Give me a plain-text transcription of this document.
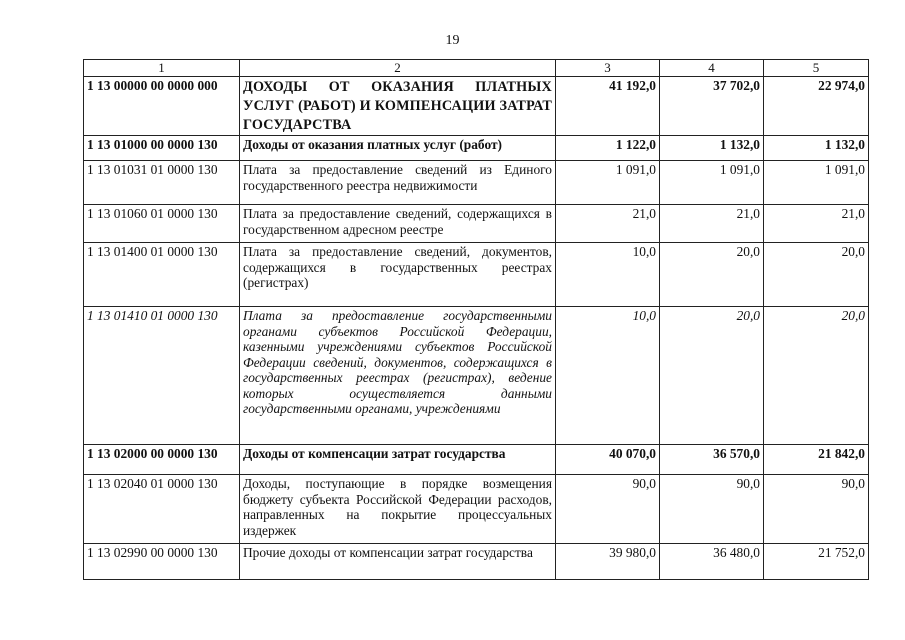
19
1	2	3	4	5
1 13 00000 00 0000 000	ДОХОДЫ ОТ ОКАЗАНИЯ ПЛАТНЫХ УСЛУГ (РАБОТ) И КОМПЕНСАЦИИ ЗАТРАТ ГОСУДАРСТВА	41 192,0	37 702,0	22 974,0
1 13 01000 00 0000 130	Доходы от оказания платных услуг (работ)	1 122,0	1 132,0	1 132,0
1 13 01031 01 0000 130	Плата за предоставление сведений из Единого государственного реестра недвижимости	1 091,0	1 091,0	1 091,0
1 13 01060 01 0000 130	Плата за предоставление сведений, содержащихся в государственном адресном реестре	21,0	21,0	21,0
1 13 01400 01 0000 130	Плата за предоставление сведений, документов, содержащихся в государственных реестрах (регистрах)	10,0	20,0	20,0
1 13 01410 01 0000 130	Плата за предоставление государственными органами субъектов Российской Федерации, казенными учреждениями субъектов Российской Федерации сведений, документов, содержащихся в государственных реестрах (регистрах), ведение которых осуществляется данными государственными органами, учреждениями	10,0	20,0	20,0
1 13 02000 00 0000 130	Доходы от компенсации затрат государства	40 070,0	36 570,0	21 842,0
1 13 02040 01 0000 130	Доходы, поступающие в порядке возмещения бюджету субъекта Российской Федерации расходов, направленных на покрытие процессуальных издержек	90,0	90,0	90,0
1 13 02990 00 0000 130	Прочие доходы от компенсации затрат государства	39 980,0	36 480,0	21 752,0
